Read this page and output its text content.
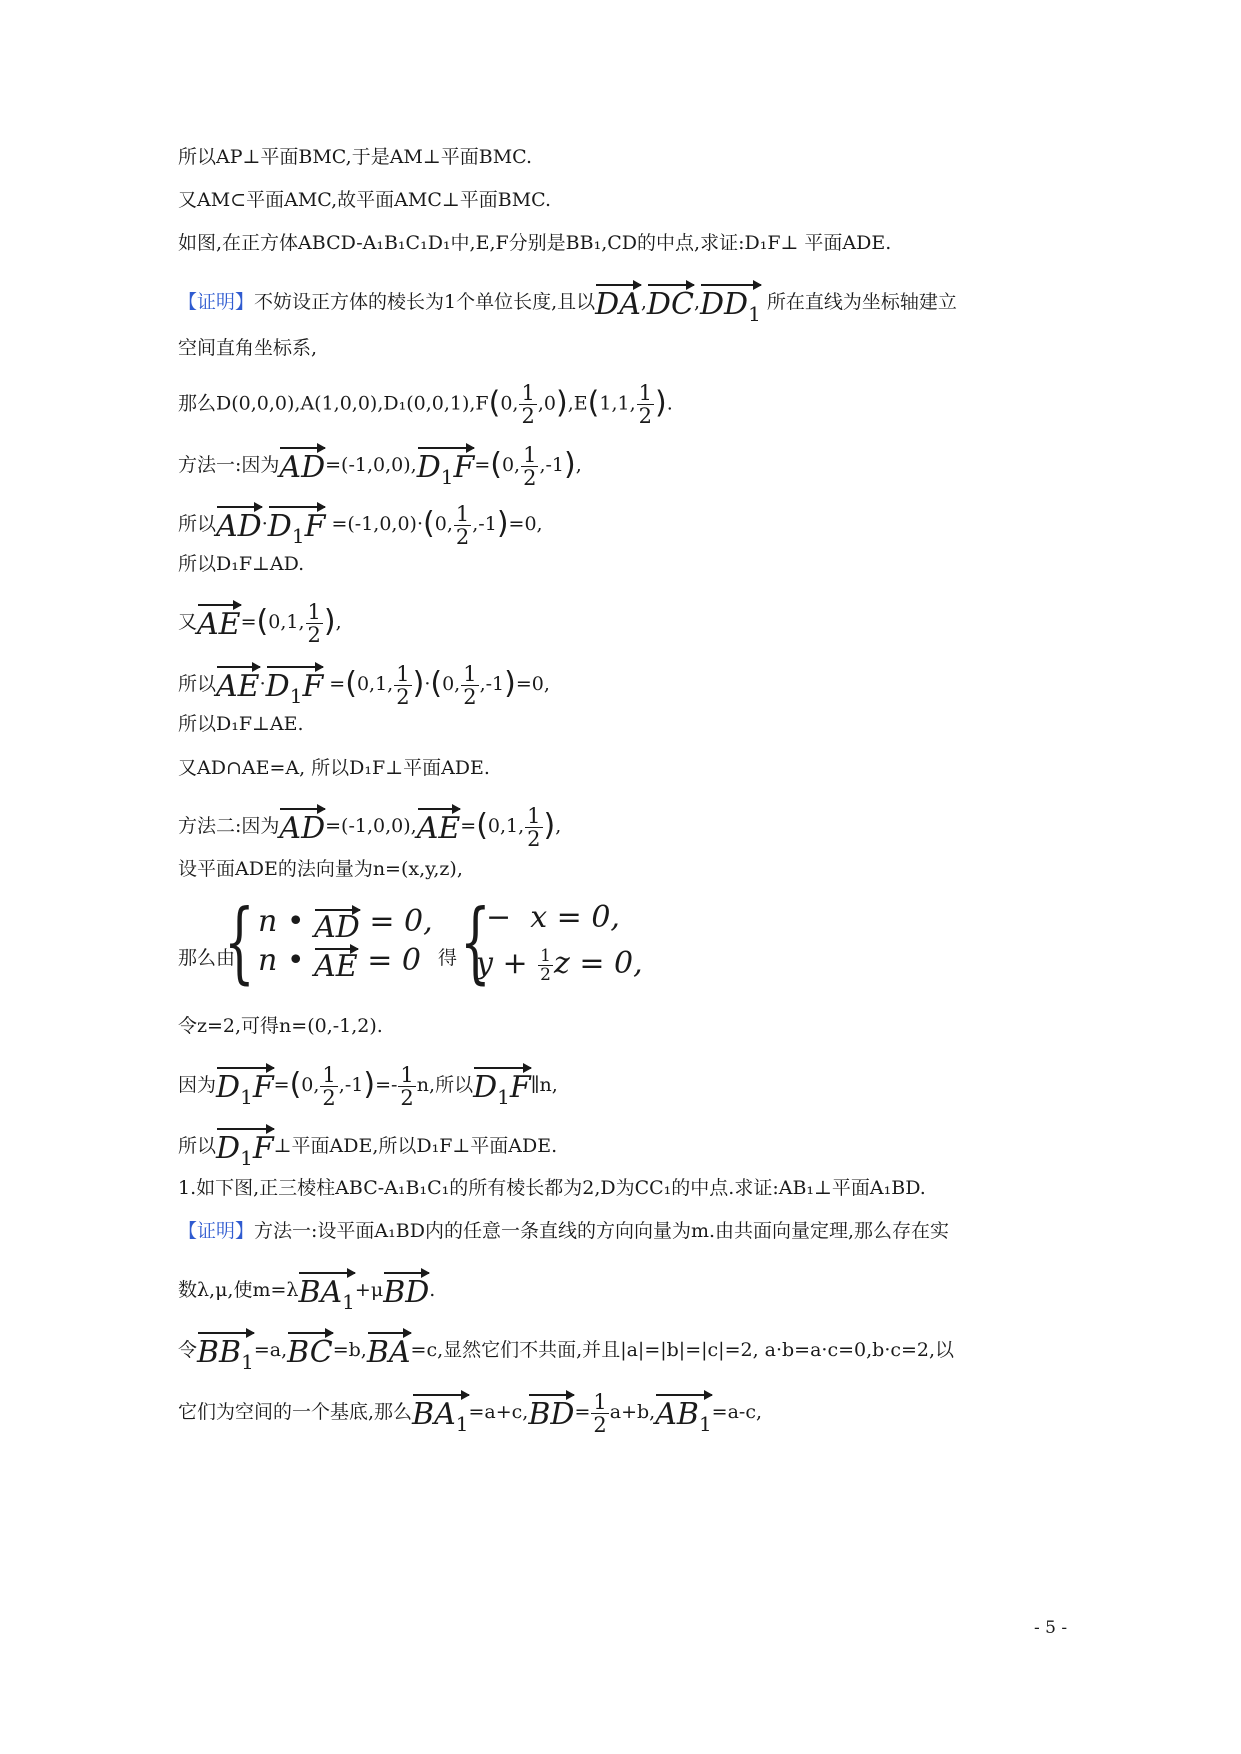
所以AP⊥平面BMC,于是AM⊥平面BMC.
又AM⊂平面AMC,故平面AMC⊥平面BMC.
如图,在正方体ABCD-A₁B₁C₁D₁中,E,F分别是BB₁,CD的中点,求证:D₁F⊥ 平面ADE.
【证明】不妨设正方体的棱长为1个单位长度,且以$DA,DC,DD_1$ 所在直线为坐标轴建立
空间直角坐标系,
那么D(0,0,0),A(1,0,0),D₁(0,0,1),F(0, $\frac{1}{2} ,0),E(1,1$, $\frac{1}{2}$ ).
方法一:因为$AD=(-1,0,0),D_1F=(0$, $\frac{1}{2} ,-1$),
所以$AD\cdot D_1F =(-1,0,0)\cdot(0$, $\frac{1}{2} ,-1)=0$,
所以D₁F⊥AD.
又AE=(0,1, $\frac{1}{2}$ ),
所以$AE\cdot D_1F =(0,1$, $\frac{1}{2} )\cdot(0$, $\frac{1}{2} ,-1)=0$,
所以D₁F⊥AE.
又AD∩AE=A, 所以D₁F⊥平面ADE.
方法二:因为AD=(-1,0,0),AE=(0,1, $\frac{1}{2}$ ),
设平面ADE的法向量为n=(x,y,z),
那么由
{ n • AD = 0,
n • AE = 0 得 {
−  x = 0,
$y + \frac{1}{2}$ z = 0,
令z=2,可得n=(0,-1,2).
因为$D_1F=(0$, $\frac{1}{2} ,-1)=- \frac{1}{2} n$,所以$D_1F\parallel n$,
所以$D_1F\perp$平面ADE,所以D₁F⊥平面ADE.
1.如下图,正三棱柱ABC-A₁B₁C₁的所有棱长都为2,D为CC₁的中点.求证:AB₁⊥平面A₁BD.
【证明】方法一:设平面A₁BD内的任意一条直线的方向向量为m.由共面向量定理,那么存在实
数λ,μ,使m=λBA$_1$+μBD.
令$BB_1=a,BC=b,BA=c$,显然它们不共面,并且|a|=|b|=|c|=2, a·b=a·c=0,b·c=2,以
它们为空间的一个基底,那么$BA_1=a+c,BD= \frac{1}{2} a+b,AB_1=a-c$,
- 5 -
